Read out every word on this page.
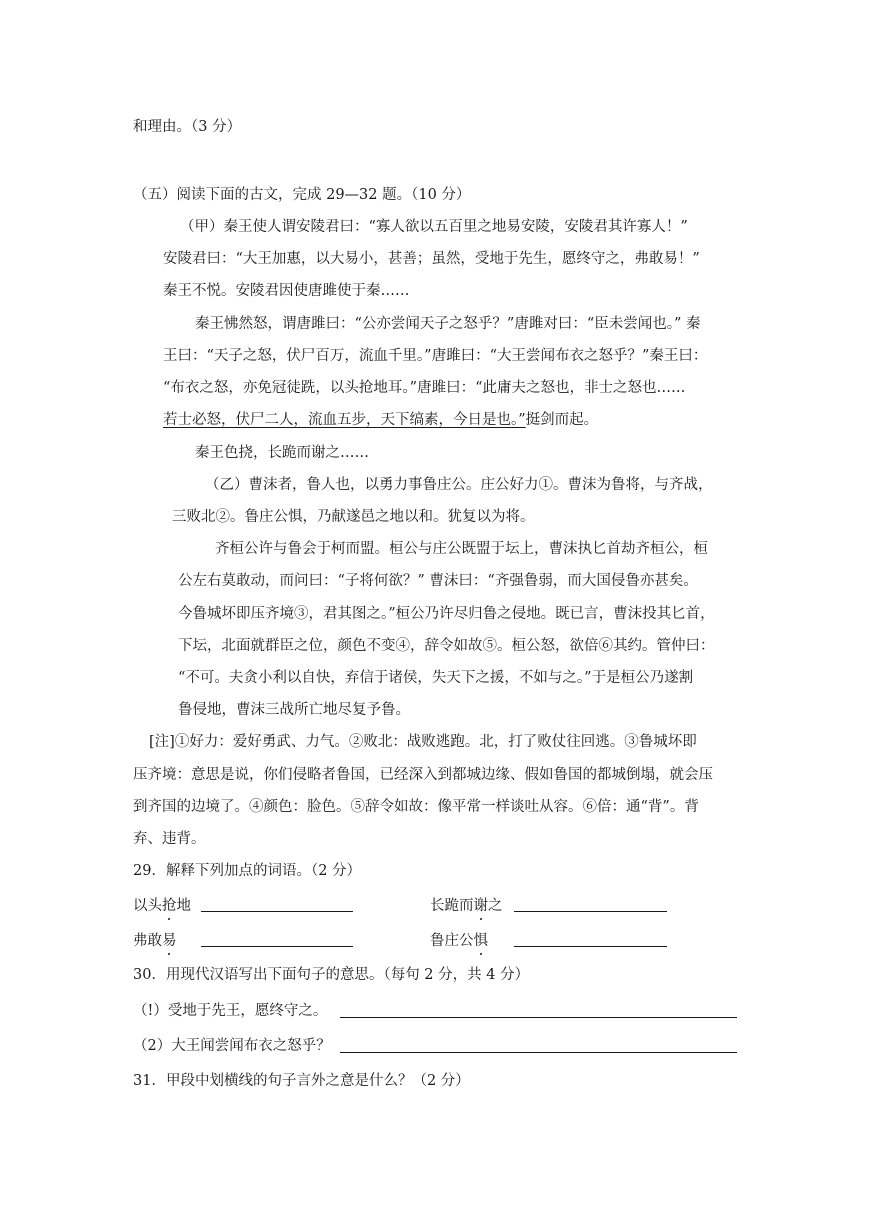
和理由。（3 分）
（五）阅读下面的古文，完成 29—32 题。（10 分）
（甲）秦王使人谓安陵君曰：“寡人欲以五百里之地易安陵，安陵君其许寡人！”
安陵君曰：“大王加惠，以大易小，甚善；虽然，受地于先生，愿终守之，弗敢易！”
秦王不悦。安陵君因使唐雎使于秦……
秦王怫然怒，谓唐雎曰：“公亦尝闻天子之怒乎？”唐雎对曰：“臣未尝闻也。” 秦
王曰：“天子之怒，伏尸百万，流血千里。”唐雎曰：“大王尝闻布衣之怒乎？”秦王曰：
“布衣之怒，亦免冠徒跣，以头抢地耳。”唐雎曰：“此庸夫之怒也，非士之怒也……
若士必怒，伏尸二人，流血五步，天下缟素，今日是也。”挺剑而起。
秦王色挠，长跪而谢之……
（乙）曹沫者，鲁人也，以勇力事鲁庄公。庄公好力①。曹沫为鲁将，与齐战，
三败北②。鲁庄公惧，乃献遂邑之地以和。犹复以为将。
齐桓公许与鲁会于柯而盟。桓公与庄公既盟于坛上，曹沫执匕首劫齐桓公，桓
公左右莫敢动，而问曰：“子将何欲？” 曹沫曰：“齐强鲁弱，而大国侵鲁亦甚矣。
今鲁城坏即压齐境③，君其图之。”桓公乃许尽归鲁之侵地。既已言，曹沫投其匕首，
下坛，北面就群臣之位，颜色不变④，辞令如故⑤。桓公怒，欲倍⑥其约。管仲曰：
“不可。夫贪小利以自快，弃信于诸侯，失天下之援，不如与之。”于是桓公乃遂割
鲁侵地，曹沫三战所亡地尽复予鲁。
[注]①好力：爱好勇武、力气。②败北：战败逃跑。北，打了败仗往回逃。③鲁城坏即
压齐境：意思是说，你们侵略者鲁国，已经深入到都城边缘、假如鲁国的都城倒塌，就会压
到齐国的边境了。④颜色：脸色。⑤辞令如故：像平常一样谈吐从容。⑥倍：通“背”。背
弃、违背。
29．解释下列加点的词语。（2 分）
以头抢地	长跪而谢之
弗敢易	鲁庄公惧
30．用现代汉语写出下面句子的意思。（每句 2 分，共 4 分）
（!）受地于先王，愿终守之。
（2）大王闻尝闻布衣之怒乎？
31．甲段中划横线的句子言外之意是什么？（2 分）
